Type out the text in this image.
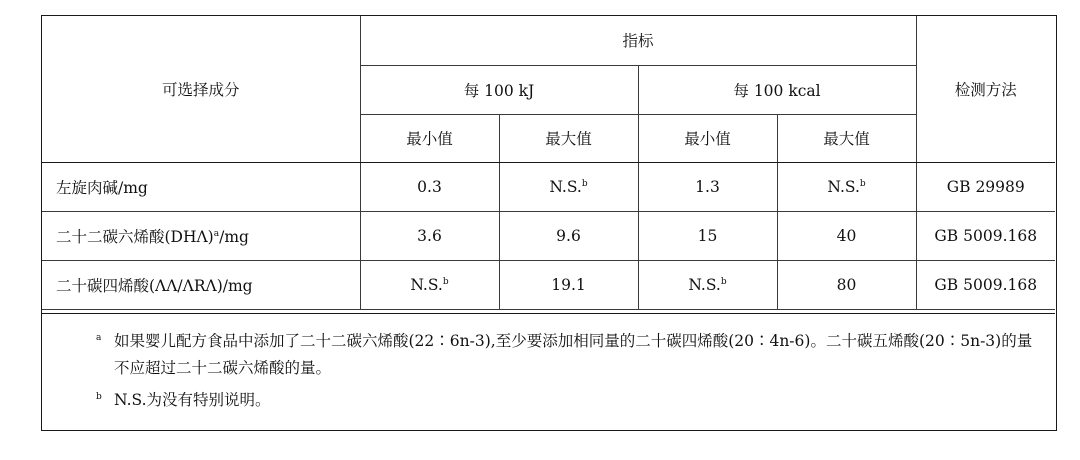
可选择成分	指标				检测方法
	每 100 kJ		每 100 kcal		
	最小值	最大值	最小值	最大值	
左旋肉碱/mg	0.3	N.S.$^b$	1.3	N.S.$^b$	GB 29989
二十二碳六烯酸$(DH\Lambda)^a/mg$	3.6	9.6	15	40	GB 5009.168
二十碳四烯酸(ΛΛ/ΛRΛ)/mg	N.S.$^b$	19.1	N.S.$^b$	80	GB 5009.168
a 如果婴儿配方食品中添加了二十二碳六烯酸(22∶6n-3),至少要添加相同量的二十碳四烯酸(20∶4n-6)。二十碳五烯酸(20∶5n-3)的量不应超过二十二碳六烯酸的量。
b N.S.为没有特别说明。
